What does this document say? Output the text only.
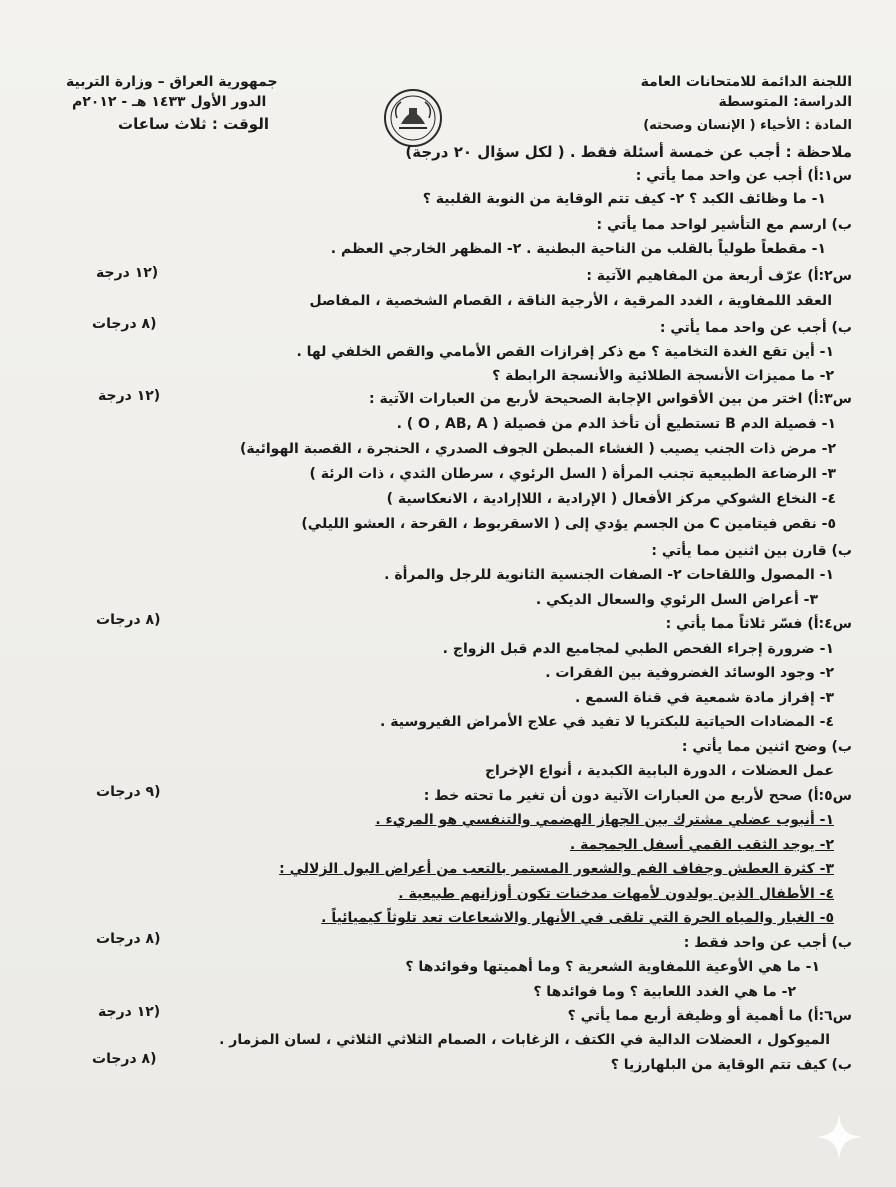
اللجنة الدائمة للامتحانات العامة
الدراسة: المتوسطة
المادة : الأحياء ( الإنسان وصحته)
جمهورية العراق – وزارة التربية
الدور الأول ١٤٣٣ هـ - ٢٠١٢م
الوقت : ثلاث ساعات
ملاحظة : أجب عن خمسة أسئلة فقط . ( لكل سؤال ٢٠ درجة)
س١:أ) أجب عن واحد مما يأتي :
١- ما وظائف الكبد ؟ ٢- كيف تتم الوقاية من النوبة القلبية ؟
ب) ارسم مع التأشير لواحد مما يأتي :
١- مقطعاً طولياً بالقلب من الناحية البطنية . ٢- المظهر الخارجي العظم .
س٢:أ) عرّف أربعة من المفاهيم الآتية :
(١٢ درجة
العقد اللمفاوية ، الغدد المرقية ، الأرجية الناقة ، القصام الشخصية ، المفاصل
ب) أجب عن واحد مما يأتي :
(٨ درجات
١- أين تقع الغدة التخامية ؟ مع ذكر إفرازات القص الأمامي والقص الخلفي لها .
٢- ما مميزات الأنسجة الطلائية والأنسجة الرابطة ؟
س٣:أ) اختر من بين الأقواس الإجابة الصحيحة لأربع من العبارات الآتية :
(١٢ درجة
١- فصيلة الدم B تستطيع أن تأخذ الدم من فصيلة ( O , AB, A ) .
٢- مرض ذات الجنب يصيب ( الغشاء المبطن الجوف الصدري ، الحنجرة ، القصبة الهوائية)
٣- الرضاعة الطبيعية تجنب المرأة ( السل الرئوي ، سرطان الثدي ، ذات الرئة )
٤- النخاع الشوكي مركز الأفعال ( الإرادية ، اللاإرادية ، الانعكاسية )
٥- نقص فيتامين C من الجسم يؤدي إلى ( الاسقربوط ، القرحة ، العشو الليلي)
ب) قارن بين اثنين مما يأتي :
١- المصول واللقاحات ٢- الصفات الجنسية الثانوية للرجل والمرأة .
٣- أعراض السل الرئوي والسعال الديكي .
س٤:أ) فسّر ثلاثاً مما يأتي :
(٨ درجات
١- ضرورة إجراء الفحص الطبي لمجاميع الدم قبل الزواج .
٢- وجود الوسائد الغضروفية بين الفقرات .
٣- إفراز مادة شمعية في قناة السمع .
٤- المضادات الحياتية للبكتريا لا تفيد في علاج الأمراض الفيروسية .
ب) وضح اثنين مما يأتي :
عمل العضلات ، الدورة البابية الكبدية ، أنواع الإخراج
س٥:أ) صحح لأربع من العبارات الآتية دون أن تغير ما تحته خط :
(٩ درجات
١- أنبوب عضلي مشترك بين الجهاز الهضمي والتنفسي هو المريء .
٢- يوجد الثقب القمي أسفل الجمجمة .
٣- كثرة العطش وجفاف الفم والشعور المستمر بالتعب من أعراض البول الزلالي :
٤- الأطفال الذين يولدون لأمهات مدخنات تكون أوزانهم طبيعية .
٥- الغبار والمياه الحرة التي تلقى في الأنهار والاشعاعات تعد تلوثاً كيميائياً .
ب) أجب عن واحد فقط :
(٨ درجات
١- ما هي الأوعية اللمفاوية الشعرية ؟ وما أهميتها وفوائدها ؟
٢- ما هي الغدد اللعابية ؟ وما فوائدها ؟
س٦:أ) ما أهمية أو وظيفة أربع مما يأتي ؟
(١٢ درجة
الميوكول ، العضلات الدالية في الكتف ، الزغابات ، الصمام الثلاثي الثلاثي ، لسان المزمار .
ب) كيف تتم الوقاية من البلهارزيا ؟
(٨ درجات
